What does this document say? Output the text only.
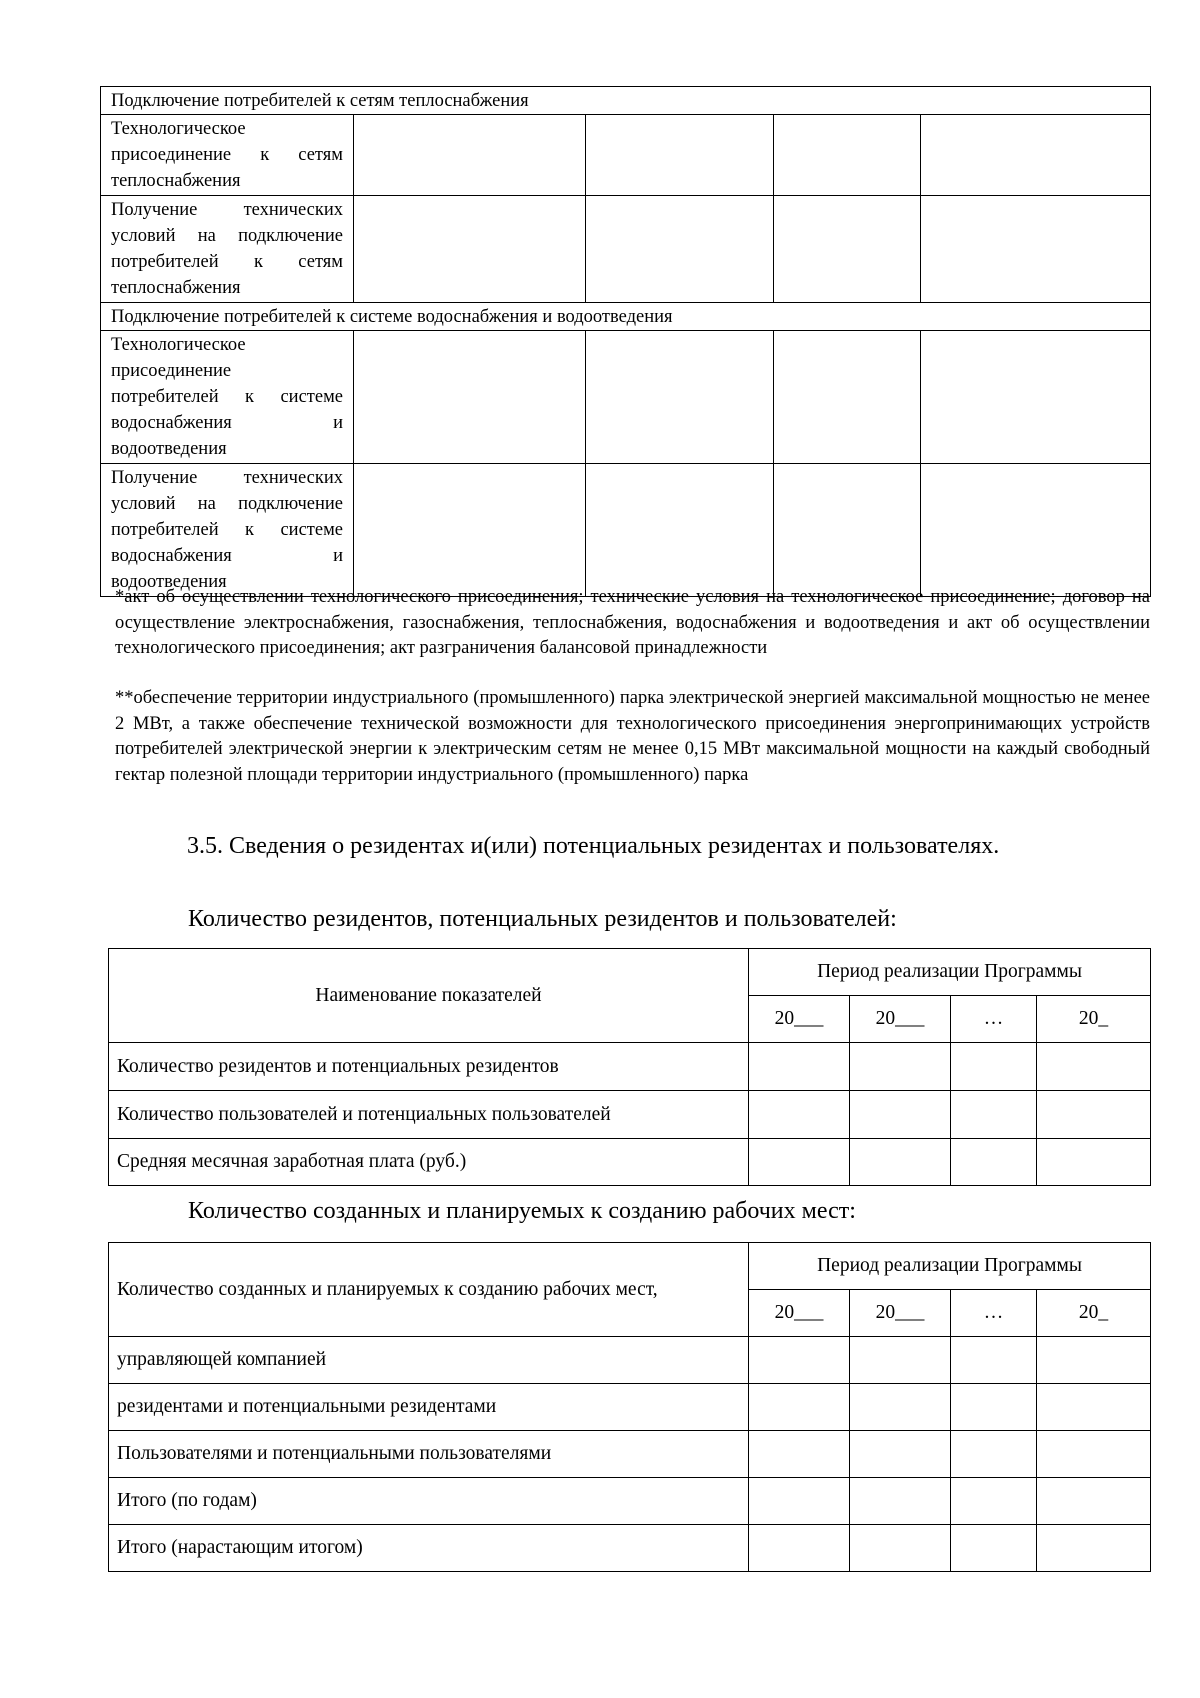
Подключение потребителей к сетям теплоснабжения				
Технологическое присоединение к сетям теплоснабжения				
Получение технических условий на подключение потребителей к сетям теплоснабжения				
Подключение потребителей к системе водоснабжения и водоотведения				
Технологическое присоединение потребителей к системе водоснабжения и водоотведения				
Получение технических условий на подключение потребителей к системе водоснабжения и водоотведения				

*акт об осуществлении технологического присоединения; технические условия на технологическое присоединение; договор на осуществление электроснабжения, газоснабжения, теплоснабжения, водоснабжения и водоотведения и акт об осуществлении технологического присоединения; акт разграничения балансовой принадлежности

**обеспечение территории индустриального (промышленного) парка электрической энергией максимальной мощностью не менее 2 МВт, а также обеспечение технической возможности для технологического присоединения энергопринимающих устройств потребителей электрической энергии к электрическим сетям не менее 0,15 МВт максимальной мощности на каждый свободный гектар полезной площади территории индустриального (промышленного) парка

3.5. Сведения о резидентах и(или) потенциальных резидентах и пользователях.

Количество резидентов, потенциальных резидентов и пользователей:

Наименование показателей	Период реализации Программы			
	20___	20___	…	20_
Количество резидентов и потенциальных резидентов				
Количество пользователей и потенциальных пользователей				
Средняя месячная заработная плата (руб.)				

Количество созданных и планируемых к созданию рабочих мест:

Количество созданных и планируемых к созданию рабочих мест,	Период реализации Программы			
	20___	20___	…	20_
управляющей компанией				
резидентами и потенциальными резидентами				
Пользователями и потенциальными пользователями				
Итого (по годам)				
Итого (нарастающим итогом)				
